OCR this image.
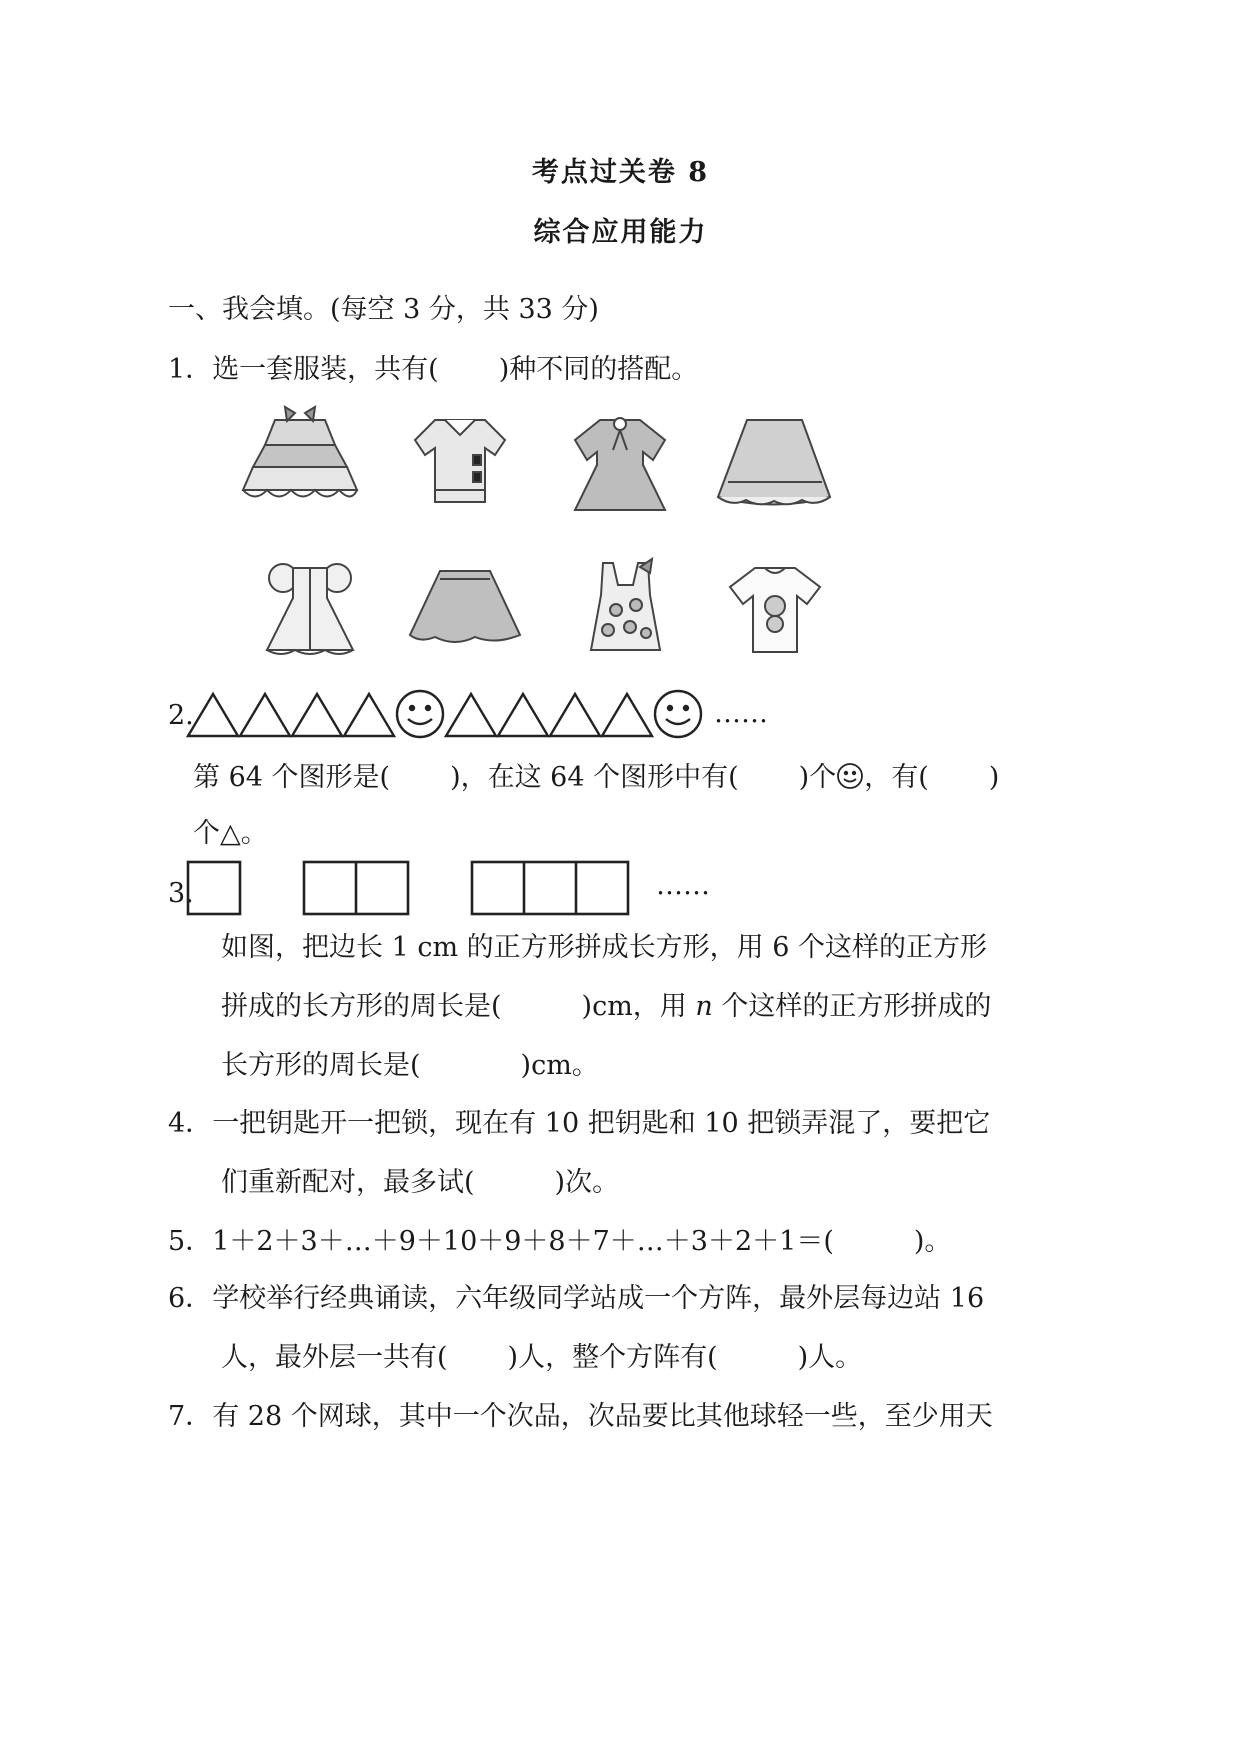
考点过关卷 8
综合应用能力
一、我会填。(每空 3 分，共 33 分)
1．选一套服装，共有( )种不同的搭配。
2.	……
第 64 个图形是( )，在这 64 个图形中有( )个 ，有( )
个△。
3.	……
如图，把边长 1 cm 的正方形拼成长方形，用 6 个这样的正方形
拼成的长方形的周长是(	)cm，用 n 个这样的正方形拼成的
长方形的周长是(	)cm。
4．一把钥匙开一把锁，现在有 10 把钥匙和 10 把锁弄混了，要把它
们重新配对，最多试(	)次。
5．1＋2＋3＋…＋9＋10＋9＋8＋7＋…＋3＋2＋1＝(	)。
6．学校举行经典诵读，六年级同学站成一个方阵，最外层每边站 16
人，最外层一共有( )人，整个方阵有(	)人。
7．有 28 个网球，其中一个次品，次品要比其他球轻一些，至少用天
